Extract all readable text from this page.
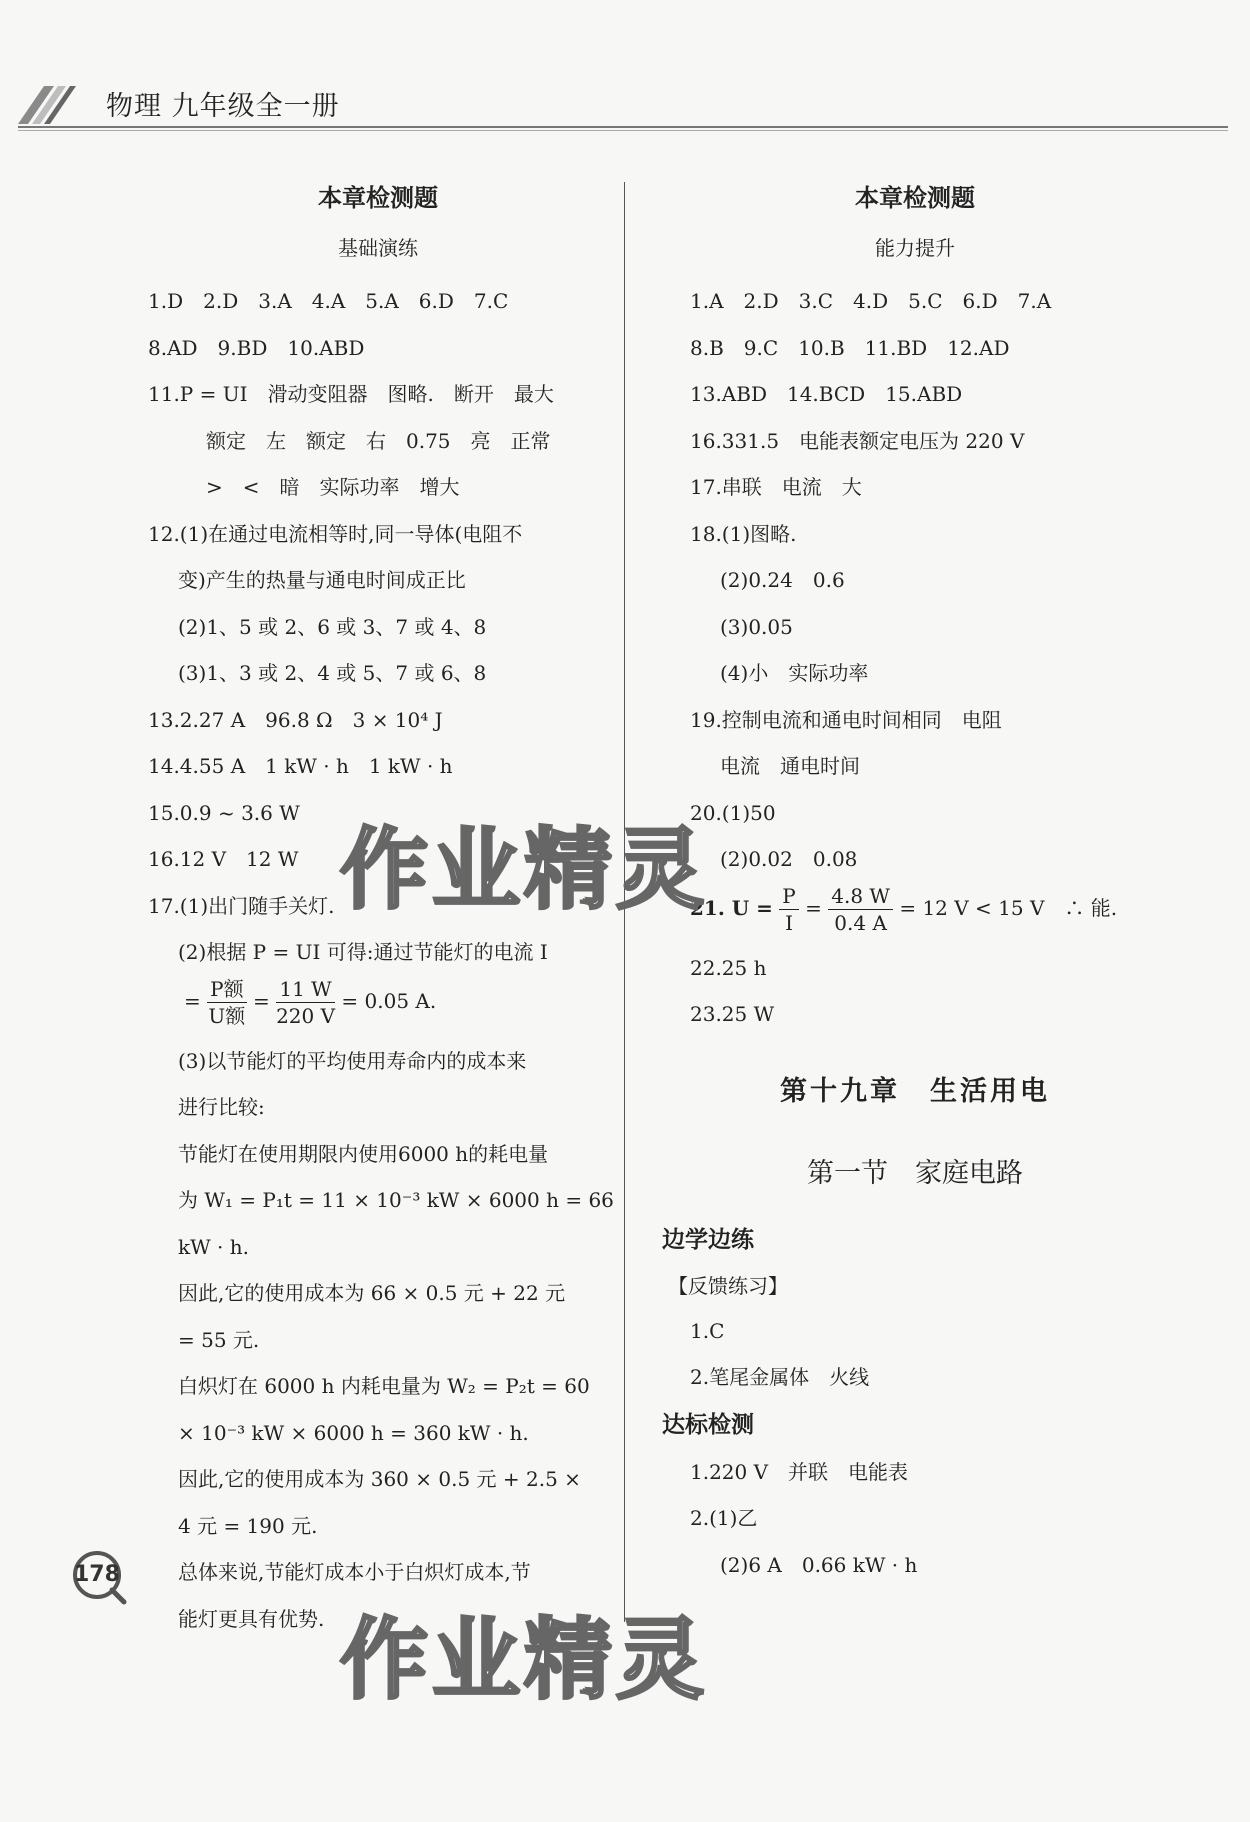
物理 九年级全一册
本章检测题
基础演练
1.D　2.D　3.A　4.A　5.A　6.D　7.C
8.AD　9.BD　10.ABD
11.P = UI　滑动变阻器　图略.　断开　最大
额定　左　额定　右　0.75　亮　正常
>　<　暗　实际功率　增大
12.(1)在通过电流相等时,同一导体(电阻不
变)产生的热量与通电时间成正比
(2)1、5 或 2、6 或 3、7 或 4、8
(3)1、3 或 2、4 或 5、7 或 6、8
13.2.27 A　96.8 Ω　3 × 10⁴ J
14.4.55 A　1 kW · h　1 kW · h
15.0.9 ~ 3.6 W
16.12 V　12 W
17.(1)出门随手关灯.
(2)根据 P = UI 可得:通过节能灯的电流 I
= $\frac{\text{P额}}{\text{U额}} = \frac{11 W}{220 V} = 0.05$ A.
(3)以节能灯的平均使用寿命内的成本来
进行比较:
节能灯在使用期限内使用6000 h的耗电量
为 W₁ = P₁t = 11 × 10⁻³ kW × 6000 h = 66
kW · h.
因此,它的使用成本为 66 × 0.5 元 + 22 元
= 55 元.
白炽灯在 6000 h 内耗电量为 W₂ = P₂t = 60
× 10⁻³ kW × 6000 h = 360 kW · h.
因此,它的使用成本为 360 × 0.5 元 + 2.5 ×
4 元 = 190 元.
总体来说,节能灯成本小于白炽灯成本,节
能灯更具有优势.
本章检测题
能力提升
1.A　2.D　3.C　4.D　5.C　6.D　7.A
8.B　9.C　10.B　11.BD　12.AD
13.ABD　14.BCD　15.ABD
16.331.5　电能表额定电压为 220 V
17.串联　电流　大
18.(1)图略.
(2)0.24　0.6
(3)0.05
(4)小　实际功率
19.控制电流和通电时间相同　电阻
电流　通电时间
20.(1)50
(2)0.02　0.08
21. $U = \frac{P}{I} = \frac{4.8 W}{0.4 A} = 12$ V < 15 V　∴ 能.
22.25 h
23.25 W
第十九章　生活用电
第一节　家庭电路
边学边练
【反馈练习】
1.C
2.笔尾金属体　火线
达标检测
1.220 V　并联　电能表
2.(1)乙
(2)6 A　0.66 kW · h
作业精灵
作业精灵
178
